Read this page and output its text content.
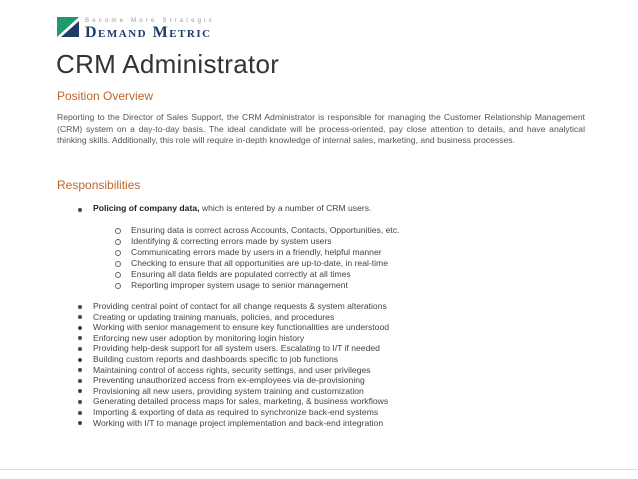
Become More Strategic
Demand Metric
CRM Administrator
Position Overview

Reporting to the Director of Sales Support, the CRM Administrator is responsible for managing the Customer Relationship Management (CRM) system on a day-to-day basis. The ideal candidate will be process-oriented, pay close attention to details, and have analytical thinking skills. Additionally, this role will require in-depth knowledge of internal sales, marketing, and business processes.

Responsibilities
Policing of company data, which is entered by a number of CRM users.
Ensuring data is correct across Accounts, Contacts, Opportunities, etc.
Identifying & correcting errors made by system users
Communicating errors made by users in a friendly, helpful manner
Checking to ensure that all opportunities are up-to-date, in real-time
Ensuring all data fields are populated correctly at all times
Reporting improper system usage to senior management
Providing central point of contact for all change requests & system alterations
Creating or updating training manuals, policies, and procedures
Working with senior management to ensure key functionalities are understood
Enforcing new user adoption by monitoring login history
Providing help-desk support for all system users. Escalating to I/T if needed
Building custom reports and dashboards specific to job functions
Maintaining control of access rights, security settings, and user privileges
Preventing unauthorized access from ex-employees via de-provisioning
Provisioning all new users, providing system training and customization
Generating detailed process maps for sales, marketing, & business workflows
Importing & exporting of data as required to synchronize back-end systems
Working with I/T to manage project implementation and back-end integration
